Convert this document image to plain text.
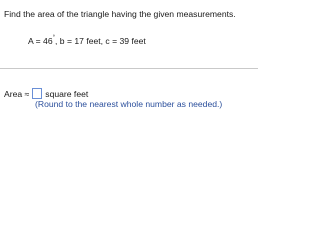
Find the area of the triangle having the given measurements.
A = 46°, b = 17 feet, c = 39 feet
Area ≈ square feet
(Round to the nearest whole number as needed.)
